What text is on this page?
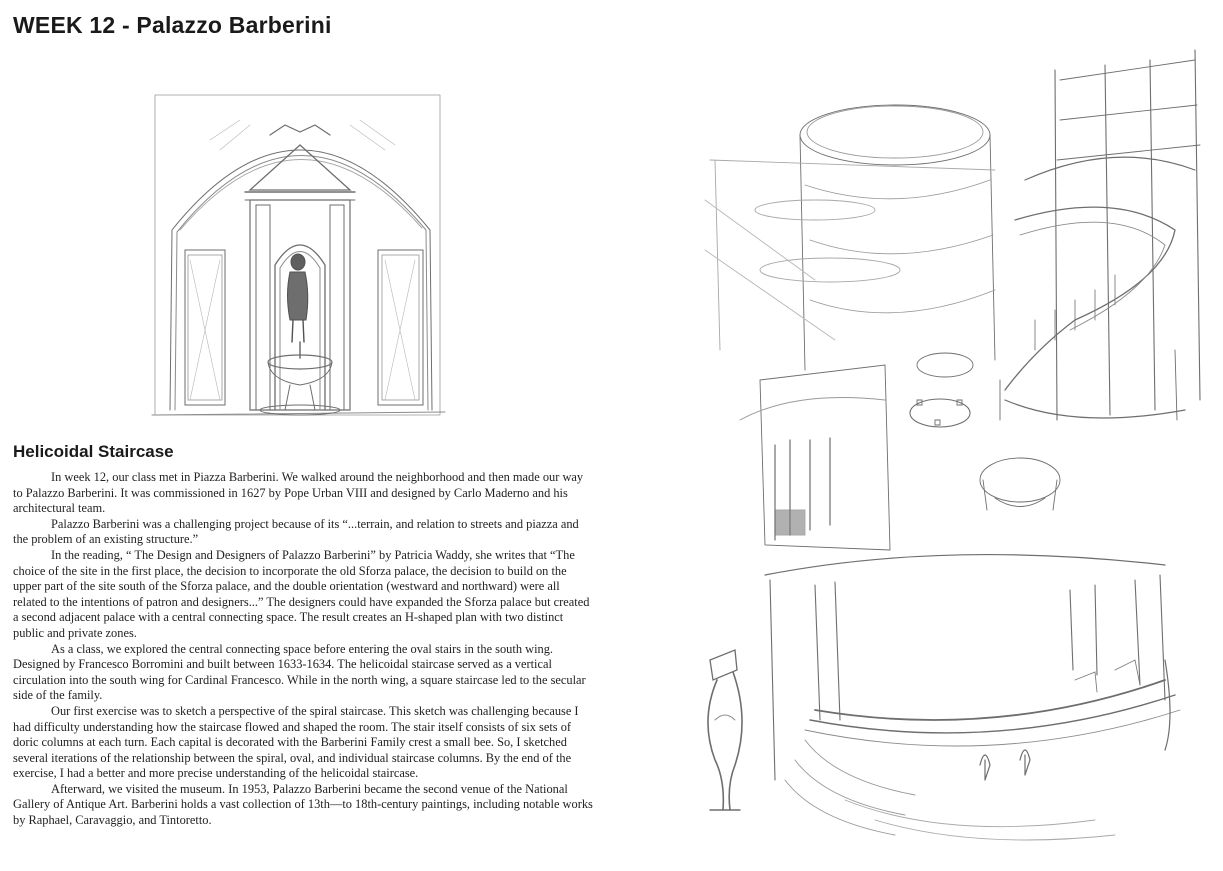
WEEK 12 - Palazzo Barberini
Helicoidal Staircase

In week 12, our class met in Piazza Barberini. We walked around the neighborhood and then made our way to Palazzo Barberini. It was commissioned in 1627 by Pope Urban VIII and designed by Carlo Maderno and his architectural team.

Palazzo Barberini was a challenging project because of its “...terrain, and relation to streets and piazza and the problem of an existing structure.”

In the reading, “ The Design and Designers of Palazzo Barberini” by Patricia Waddy, she writes that “The choice of the site in the first place, the decision to incorporate the old Sforza palace, the decision to build on the upper part of the site south of the Sforza palace, and the double orientation (westward and northward) were all related to the intentions of patron and designers...” The designers could have expanded the Sforza palace but created a second adjacent palace with a central connecting space. The result creates an H-shaped plan with two distinct public and private zones.

As a class, we explored the central connecting space before entering the oval stairs in the south wing. Designed by Francesco Borromini and built between 1633-1634. The helicoidal staircase served as a vertical circulation into the south wing for Cardinal Francesco. While in the north wing, a square staircase led to the secular side of the family.

Our first exercise was to sketch a perspective of the spiral staircase. This sketch was challenging because I had difficulty understanding how the staircase flowed and shaped the room. The stair itself consists of six sets of doric columns at each turn. Each capital is decorated with the Barberini Family crest a small bee. So, I sketched several iterations of the relationship between the spiral, oval, and individual staircase columns. By the end of the exercise, I had a better and more precise understanding of the helicoidal staircase.

Afterward, we visited the museum. In 1953, Palazzo Barberini became the second venue of the National Gallery of Antique Art. Barberini holds a vast collection of 13th—to 18th-century paintings, including notable works by Raphael, Caravaggio, and Tintoretto.
